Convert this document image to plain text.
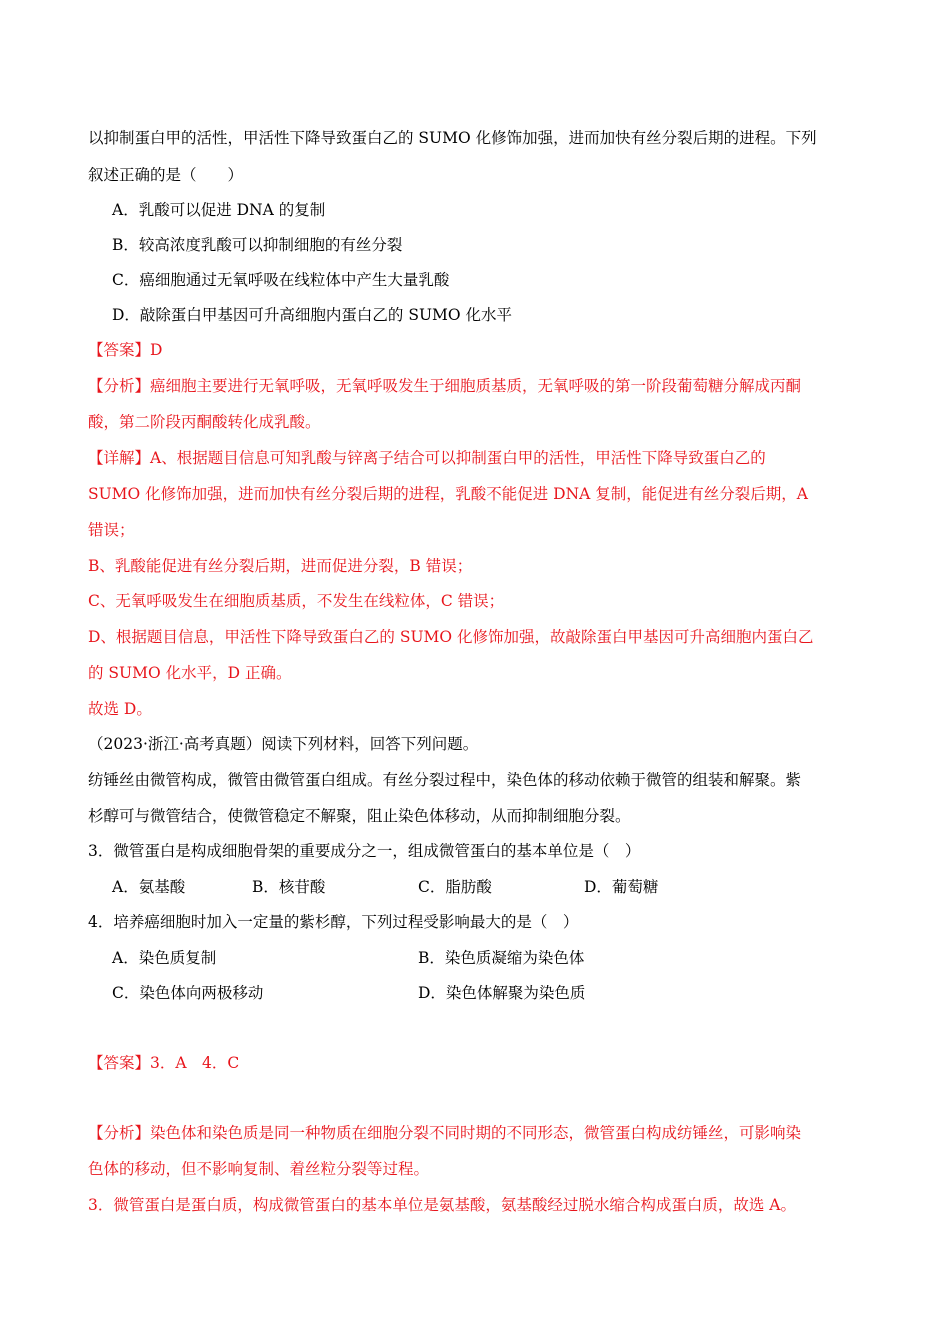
以抑制蛋白甲的活性，甲活性下降导致蛋白乙的 SUMO 化修饰加强，进而加快有丝分裂后期的进程。下列
叙述正确的是（　　）
A．乳酸可以促进 DNA 的复制
B．较高浓度乳酸可以抑制细胞的有丝分裂
C．癌细胞通过无氧呼吸在线粒体中产生大量乳酸
D．敲除蛋白甲基因可升高细胞内蛋白乙的 SUMO 化水平
【答案】D
【分析】癌细胞主要进行无氧呼吸，无氧呼吸发生于细胞质基质，无氧呼吸的第一阶段葡萄糖分解成丙酮
酸，第二阶段丙酮酸转化成乳酸。
【详解】A、根据题目信息可知乳酸与锌离子结合可以抑制蛋白甲的活性，甲活性下降导致蛋白乙的
SUMO 化修饰加强，进而加快有丝分裂后期的进程，乳酸不能促进 DNA 复制，能促进有丝分裂后期，A
错误；
B、乳酸能促进有丝分裂后期，进而促进分裂，B 错误；
C、无氧呼吸发生在细胞质基质，不发生在线粒体，C 错误；
D、根据题目信息，甲活性下降导致蛋白乙的 SUMO 化修饰加强，故敲除蛋白甲基因可升高细胞内蛋白乙
的 SUMO 化水平，D 正确。
故选 D。
（2023·浙江·高考真题）阅读下列材料，回答下列问题。
纺锤丝由微管构成，微管由微管蛋白组成。有丝分裂过程中，染色体的移动依赖于微管的组装和解聚。紫
杉醇可与微管结合，使微管稳定不解聚，阻止染色体移动，从而抑制细胞分裂。
3．微管蛋白是构成细胞骨架的重要成分之一，组成微管蛋白的基本单位是（　）
A．氨基酸	B．核苷酸	C．脂肪酸	D．葡萄糖
4．培养癌细胞时加入一定量的紫杉醇，下列过程受影响最大的是（　）
A．染色质复制	B．染色质凝缩为染色体
C．染色体向两极移动	D．染色体解聚为染色质
【答案】3．A　4．C
【分析】染色体和染色质是同一种物质在细胞分裂不同时期的不同形态，微管蛋白构成纺锤丝，可影响染
色体的移动，但不影响复制、着丝粒分裂等过程。
3．微管蛋白是蛋白质，构成微管蛋白的基本单位是氨基酸，氨基酸经过脱水缩合构成蛋白质，故选 A。
